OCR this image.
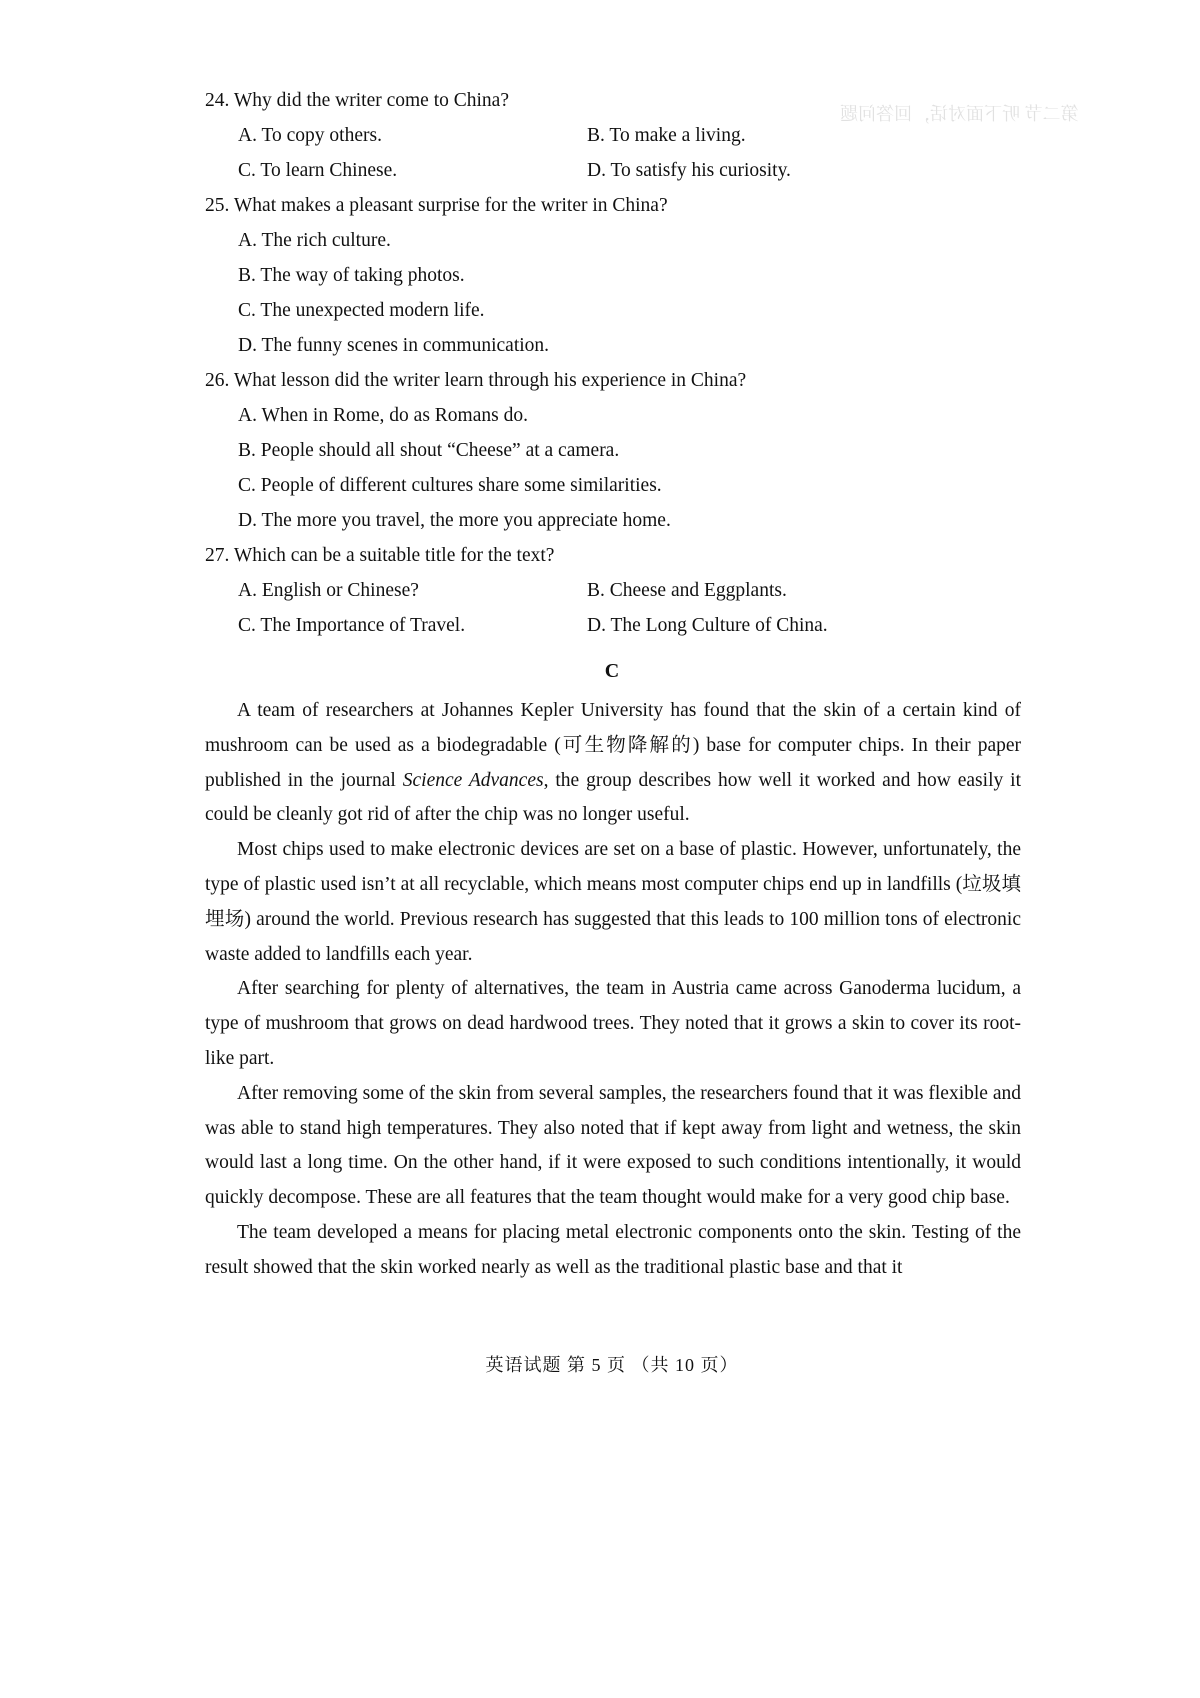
第二节 听下面对话，回答问题
24. Why did the writer come to China?
A. To copy others.	B. To make a living.
C. To learn Chinese.	D. To satisfy his curiosity.
25. What makes a pleasant surprise for the writer in China?
A. The rich culture.
B. The way of taking photos.
C. The unexpected modern life.
D. The funny scenes in communication.
26. What lesson did the writer learn through his experience in China?
A. When in Rome, do as Romans do.
B. People should all shout “Cheese” at a camera.
C. People of different cultures share some similarities.
D. The more you travel, the more you appreciate home.
27. Which can be a suitable title for the text?
A. English or Chinese?	B. Cheese and Eggplants.
C. The Importance of Travel.	D. The Long Culture of China.
C

A team of researchers at Johannes Kepler University has found that the skin of a certain kind of mushroom can be used as a biodegradable (可生物降解的) base for computer chips. In their paper published in the journal Science Advances, the group describes how well it worked and how easily it could be cleanly got rid of after the chip was no longer useful.

Most chips used to make electronic devices are set on a base of plastic. However, unfortunately, the type of plastic used isn’t at all recyclable, which means most computer chips end up in landfills (垃圾填埋场) around the world. Previous research has suggested that this leads to 100 million tons of electronic waste added to landfills each year.

After searching for plenty of alternatives, the team in Austria came across Ganoderma lucidum, a type of mushroom that grows on dead hardwood trees. They noted that it grows a skin to cover its root-like part.

After removing some of the skin from several samples, the researchers found that it was flexible and was able to stand high temperatures. They also noted that if kept away from light and wetness, the skin would last a long time. On the other hand, if it were exposed to such conditions intentionally, it would quickly decompose. These are all features that the team thought would make for a very good chip base.

The team developed a means for placing metal electronic components onto the skin. Testing of the result showed that the skin worked nearly as well as the traditional plastic base and that it

英语试题 第 5 页 （共 10 页）
